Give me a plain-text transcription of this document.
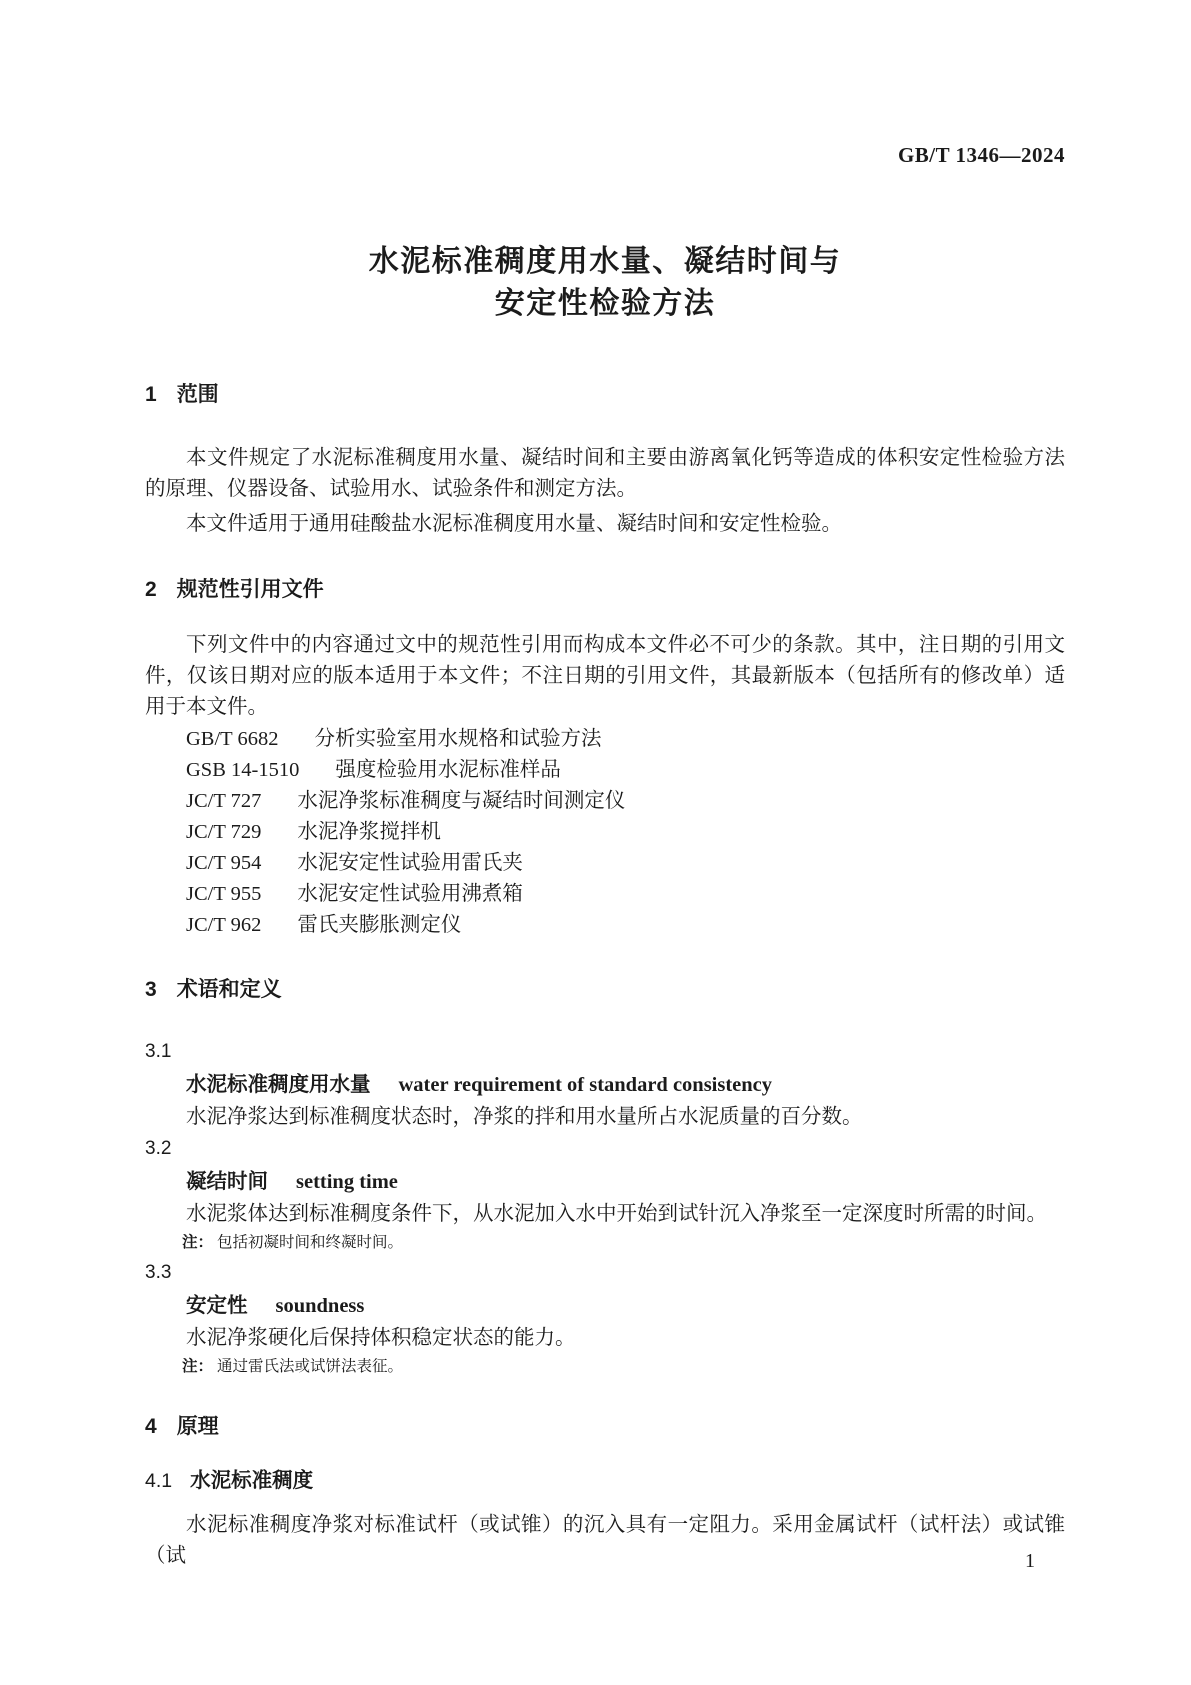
GB/T 1346—2024
水泥标准稠度用水量、凝结时间与
安定性检验方法
1 范围

本文件规定了水泥标准稠度用水量、凝结时间和主要由游离氧化钙等造成的体积安定性检验方法的原理、仪器设备、试验用水、试验条件和测定方法。

本文件适用于通用硅酸盐水泥标准稠度用水量、凝结时间和安定性检验。

2 规范性引用文件

下列文件中的内容通过文中的规范性引用而构成本文件必不可少的条款。其中，注日期的引用文件，仅该日期对应的版本适用于本文件；不注日期的引用文件，其最新版本（包括所有的修改单）适用于本文件。

GB/T 6682 分析实验室用水规格和试验方法
GSB 14-1510 强度检验用水泥标准样品
JC/T 727 水泥净浆标准稠度与凝结时间测定仪
JC/T 729 水泥净浆搅拌机
JC/T 954 水泥安定性试验用雷氏夹
JC/T 955 水泥安定性试验用沸煮箱
JC/T 962 雷氏夹膨胀测定仪
3 术语和定义
3.1
水泥标准稠度用水量 water requirement of standard consistency
水泥净浆达到标准稠度状态时，净浆的拌和用水量所占水泥质量的百分数。
3.2
凝结时间 setting time
水泥浆体达到标准稠度条件下，从水泥加入水中开始到试针沉入净浆至一定深度时所需的时间。
注： 包括初凝时间和终凝时间。
3.3
安定性 soundness
水泥净浆硬化后保持体积稳定状态的能力。
注： 通过雷氏法或试饼法表征。
4 原理
4.1 水泥标准稠度

水泥标准稠度净浆对标准试杆（或试锥）的沉入具有一定阻力。采用金属试杆（试杆法）或试锥（试	1
